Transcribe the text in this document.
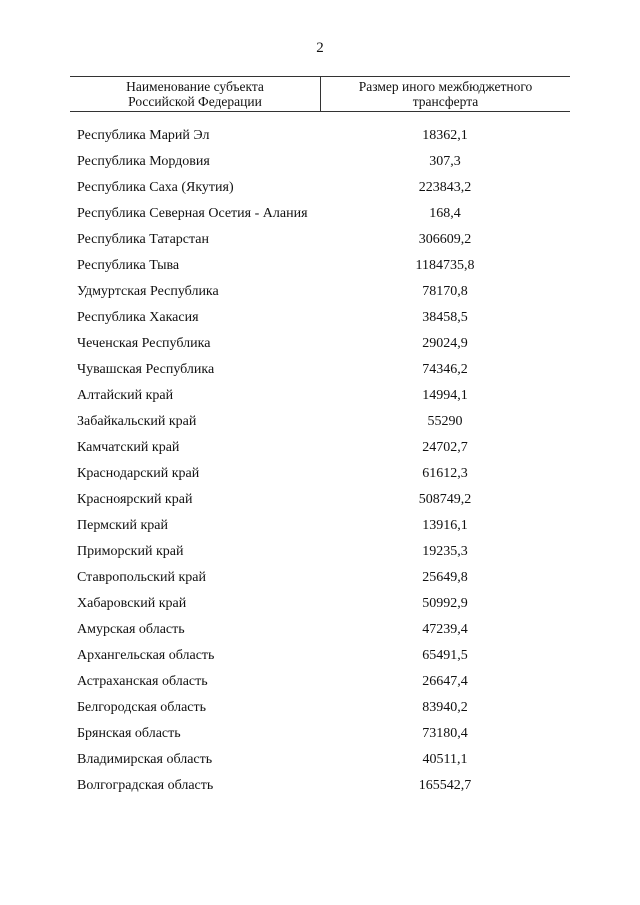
2
Наименование субъекта
Российской Федерации
Размер иного межбюджетного
трансферта
Республика Марий Эл	18362,1
Республика Мордовия	307,3
Республика Саха (Якутия)	223843,2
Республика Северная Осетия - Алания	168,4
Республика Татарстан	306609,2
Республика Тыва	1184735,8
Удмуртская Республика	78170,8
Республика Хакасия	38458,5
Чеченская Республика	29024,9
Чувашская Республика	74346,2
Алтайский край	14994,1
Забайкальский край	55290
Камчатский край	24702,7
Краснодарский край	61612,3
Красноярский край	508749,2
Пермский край	13916,1
Приморский край	19235,3
Ставропольский край	25649,8
Хабаровский край	50992,9
Амурская область	47239,4
Архангельская область	65491,5
Астраханская область	26647,4
Белгородская область	83940,2
Брянская область	73180,4
Владимирская область	40511,1
Волгоградская область	165542,7
